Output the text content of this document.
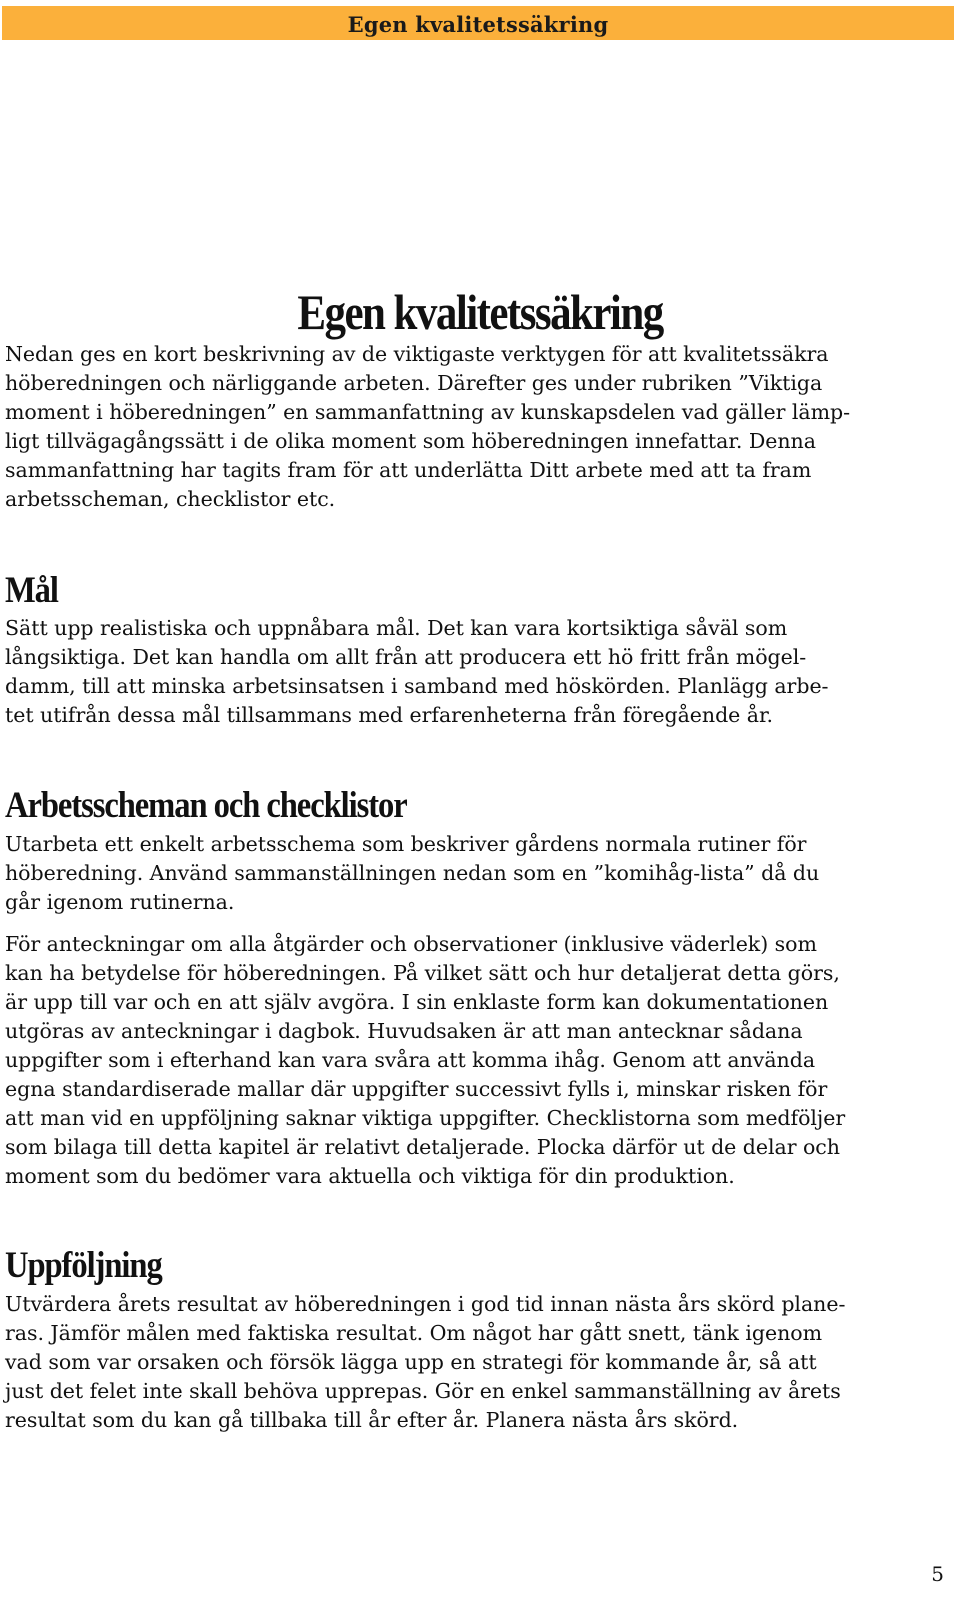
Egen kvalitetssäkring
Egen kvalitetssäkring
Nedan ges en kort beskrivning av de viktigaste verktygen för att kvalitetssäkra
höberedningen och närliggande arbeten. Därefter ges under rubriken ”Viktiga
moment i höberedningen” en sammanfattning av kunskapsdelen vad gäller lämp-
ligt tillvägagångssätt i de olika moment som höberedningen innefattar. Denna
sammanfattning har tagits fram för att underlätta Ditt arbete med att ta fram
arbetsscheman, checklistor etc.
Mål
Sätt upp realistiska och uppnåbara mål. Det kan vara kortsiktiga såväl som
långsiktiga. Det kan handla om allt från att producera ett hö fritt från mögel-
damm, till att minska arbetsinsatsen i samband med höskörden. Planlägg arbe-
tet utifrån dessa mål tillsammans med erfarenheterna från föregående år.
Arbetsscheman och checklistor
Utarbeta ett enkelt arbetsschema som beskriver gårdens normala rutiner för
höberedning. Använd sammanställningen nedan som en ”komihåg-lista” då du
går igenom rutinerna.
För anteckningar om alla åtgärder och observationer (inklusive väderlek) som
kan ha betydelse för höberedningen. På vilket sätt och hur detaljerat detta görs,
är upp till var och en att själv avgöra. I sin enklaste form kan dokumentationen
utgöras av anteckningar i dagbok. Huvudsaken är att man antecknar sådana
uppgifter som i efterhand kan vara svåra att komma ihåg. Genom att använda
egna standardiserade mallar där uppgifter successivt fylls i, minskar risken för
att man vid en uppföljning saknar viktiga uppgifter. Checklistorna som medföljer
som bilaga till detta kapitel är relativt detaljerade. Plocka därför ut de delar och
moment som du bedömer vara aktuella och viktiga för din produktion.
Uppföljning
Utvärdera årets resultat av höberedningen i god tid innan nästa års skörd plane-
ras. Jämför målen med faktiska resultat. Om något har gått snett, tänk igenom
vad som var orsaken och försök lägga upp en strategi för kommande år, så att
just det felet inte skall behöva upprepas. Gör en enkel sammanställning av årets
resultat som du kan gå tillbaka till år efter år. Planera nästa års skörd.
5
